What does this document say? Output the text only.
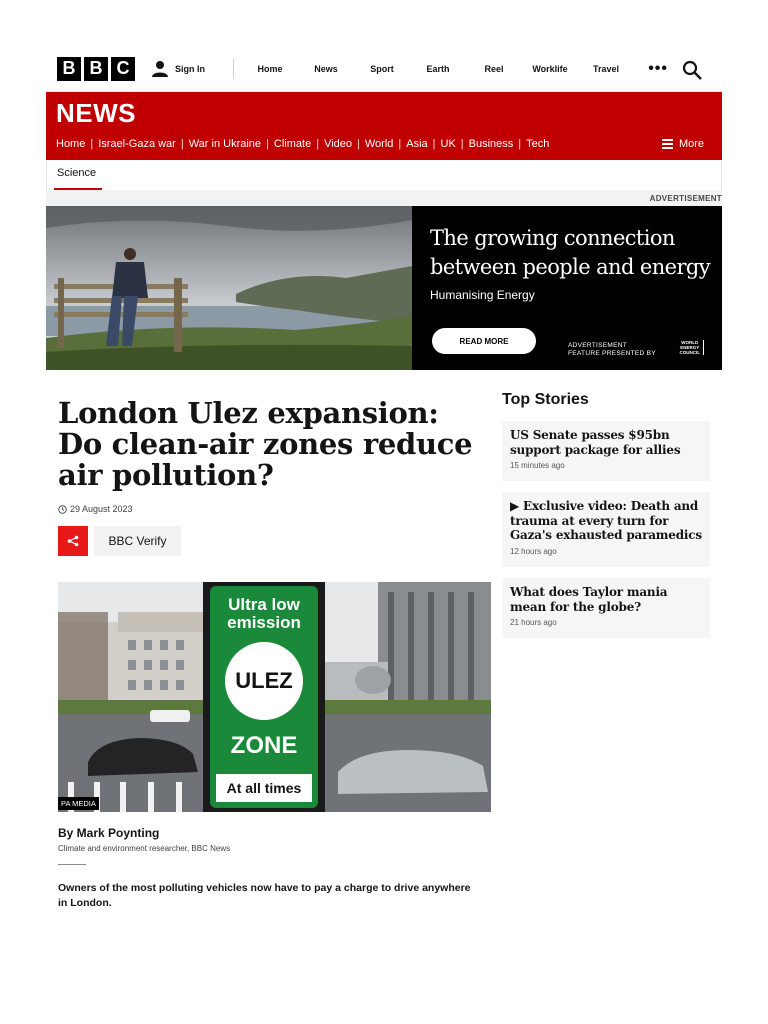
B B C	Sign In	Home	News	Sport	Earth	Reel	Worklife	Travel	•••
NEWS
Home | Israel-Gaza war | War in Ukraine | Climate | Video | World | Asia | UK | Business | Tech	More
Science
ADVERTISEMENT
The growing connection
between people and energy
Humanising Energy
READ MORE	ADVERTISEMENT
FEATURE PRESENTED BY
WORLD
ENERGY
COUNCIL
London Ulez expansion: Do clean-air zones reduce air pollution?
29 August 2023
BBC Verify
Ultra low
emission
ULEZ
ZONE
At all times
PA MEDIA
By Mark Poynting
Climate and environment researcher, BBC News

Owners of the most polluting vehicles now have to pay a charge to drive anywhere in London.

Top Stories
US Senate passes $95bn support package for allies
15 minutes ago
▶ Exclusive video: Death and trauma at every turn for Gaza's exhausted paramedics
12 hours ago
What does Taylor mania mean for the globe?
21 hours ago
